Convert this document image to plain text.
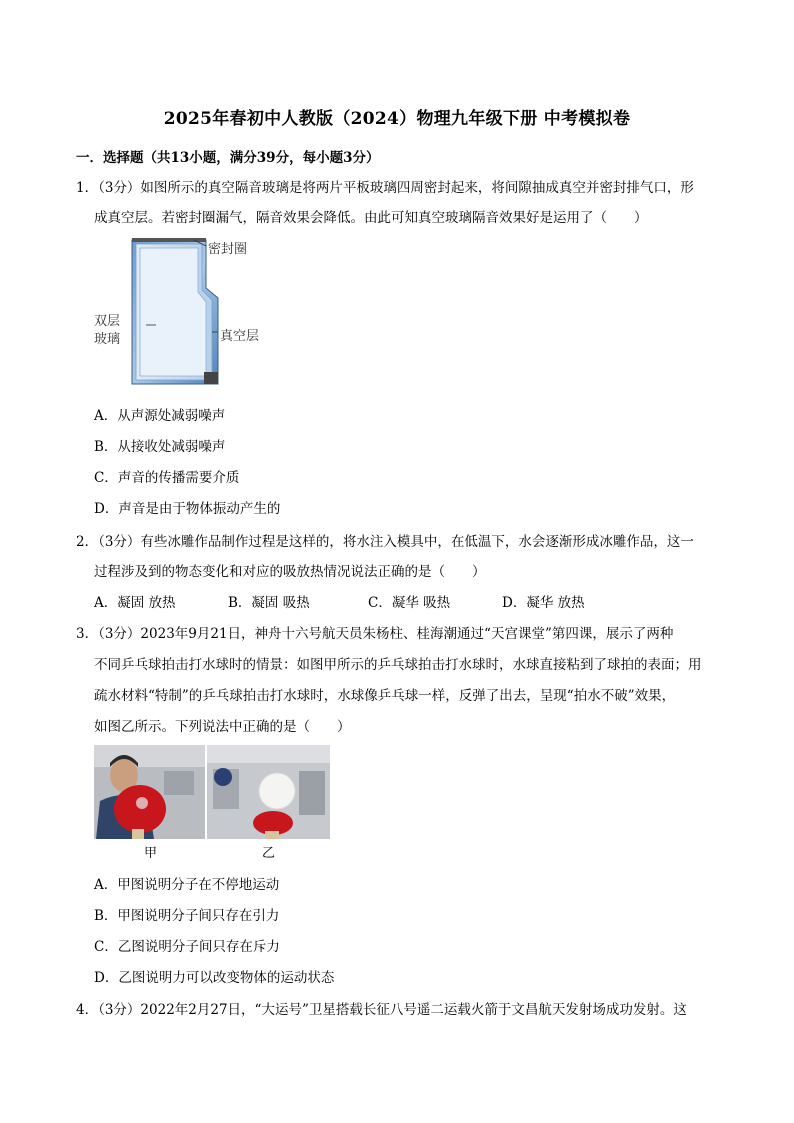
2025年春初中人教版（2024）物理九年级下册 中考模拟卷
一．选择题（共13小题，满分39分，每小题3分）
1．（3分）如图所示的真空隔音玻璃是将两片平板玻璃四周密封起来，将间隙抽成真空并密封排气口，形
成真空层。若密封圈漏气，隔音效果会降低。由此可知真空玻璃隔音效果好是运用了（　　）
密封圈
双层
玻璃	真空层
A．从声源处减弱噪声
B．从接收处减弱噪声
C．声音的传播需要介质
D．声音是由于物体振动产生的
2．（3分）有些冰雕作品制作过程是这样的，将水注入模具中，在低温下，水会逐渐形成冰雕作品，这一
过程涉及到的物态变化和对应的吸放热情况说法正确的是（　　）
A．凝固 放热	B．凝固 吸热	C．凝华 吸热	D．凝华 放热
3．（3分）2023年9月21日，神舟十六号航天员朱杨柱、桂海潮通过“天宫课堂”第四课，展示了两种
不同乒乓球拍击打水球时的情景：如图甲所示的乒乓球拍击打水球时，水球直接粘到了球拍的表面；用
疏水材料“特制”的乒乓球拍击打水球时，水球像乒乓球一样，反弹了出去，呈现“拍水不破”效果，
如图乙所示。下列说法中正确的是（　　）
甲	乙
A．甲图说明分子在不停地运动
B．甲图说明分子间只存在引力
C．乙图说明分子间只存在斥力
D．乙图说明力可以改变物体的运动状态
4．（3分）2022年2月27日，“大运号”卫星搭载长征八号遥二运载火箭于文昌航天发射场成功发射。这
